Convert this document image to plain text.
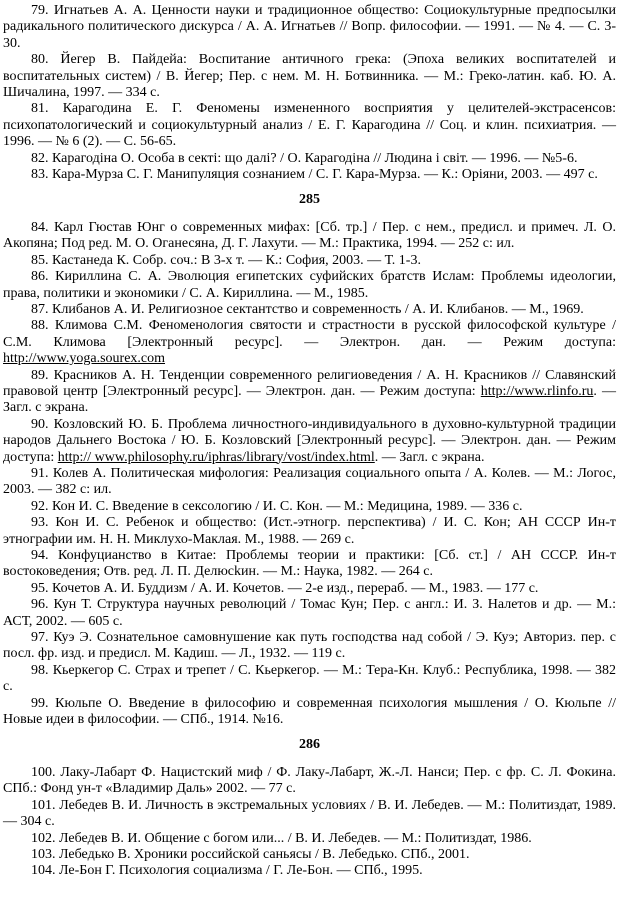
79. Игнатьев А. А. Ценности науки и традиционное общество: Социокультурные предпосылки радикального политического дискурса / А. А. Игнатьев // Вопр. философии. — 1991. — № 4. — С. 3-30.

80. Йегер В. Пайдейа: Воспитание античного грека: (Эпоха великих воспитателей и воспитательных систем) / В. Йегер; Пер. с нем. М. Н. Ботвинника. — М.: Греко-латин. каб. Ю. А. Шичалина, 1997. — 334 с.

81. Карагодина Е. Г. Феномены измененного восприятия у целителей-экстрасенсов: психопатологический и социокультурный анализ / Е. Г. Карагодина // Соц. и клин. психиатрия. — 1996. — № 6 (2). — С. 56-65.

82. Карагодіна О. Особа в секті: що далі? / О. Карагодіна // Людина і світ. — 1996. — №5-6.

83. Кара-Мурза С. Г. Манипуляция сознанием / С. Г. Кара-Мурза. — К.: Оріяни, 2003. — 497 с.

285

84. Карл Гюстав Юнг о современных мифах: [Сб. тр.] / Пер. с нем., предисл. и примеч. Л. О. Акопяна; Под ред. М. О. Оганесяна, Д. Г. Лахути. — М.: Практика, 1994. — 252 с: ил.

85. Кастанеда К. Собр. соч.: В 3-х т. — К.: София, 2003. — Т. 1-3.

86. Кириллина С. А. Эволюция египетских суфийских братств Ислам: Проблемы идеологии, права, политики и экономики / С. А. Кириллина. — М., 1985.

87. Клибанов А. И. Религиозное сектантство и современность / А. И. Клибанов. — М., 1969.

88. Климова С.М. Феноменология святости и страстности в русской философской культуре / С.М. Климова [Электронный ресурс]. — Электрон. дан. — Режим доступа: http://www.yoga.sourex.com

89. Красников А. Н. Тенденции современного религиоведения / А. Н. Красников // Славянский правовой центр [Электронный ресурс]. — Электрон. дан. — Режим доступа: http://www.rlinfo.ru. — Загл. с экрана.

90. Козловский Ю. Б. Проблема личностного-индивидуального в духовно-культурной традиции народов Дальнего Востока / Ю. Б. Козловский [Электронный ресурс]. — Электрон. дан. — Режим доступа: http:// www.philosophy.ru/iphras/library/vost/index.html. — Загл. с экрана.

91. Колев А. Политическая мифология: Реализация социального опыта / А. Колев. — М.: Логос, 2003. — 382 с: ил.

92. Кон И. С. Введение в сексологию / И. С. Кон. — М.: Медицина, 1989. — 336 с.

93. Кон И. С. Ребенок и общество: (Ист.-этногр. перспектива) / И. С. Кон; АН СССР Ин-т этнографии им. Н. Н. Миклухо-Маклая. М., 1988. — 269 с.

94. Конфуцианство в Китае: Проблемы теории и практики: [Сб. ст.] / АН СССР. Ин-т востоковедения; Отв. ред. Л. П. Делюсkин. — М.: Наука, 1982. — 264 с.

95. Кочетов А. И. Буддизм / А. И. Кочетов. — 2-е изд., перераб. — М., 1983. — 177 с.

96. Кун Т. Структура научных революций / Томас Кун; Пер. с англ.: И. З. Налетов и др. — М.: АСТ, 2002. — 605 с.

97. Куэ Э. Сознательное самовнушение как путь господства над собой / Э. Куэ; Авториз. пер. с посл. фр. изд. и предисл. М. Кадиш. — Л., 1932. — 119 с.

98. Кьеркегор С. Страх и трепет / С. Кьеркегор. — М.: Тера-Кн. Клуб.: Республика, 1998. — 382 с.

99. Кюльпе О. Введение в философию и современная психология мышления / О. Кюльпе // Новые идеи в философии. — СПб., 1914. №16.

286

100. Лаку-Лабарт Ф. Нацистский миф / Ф. Лаку-Лабарт, Ж.-Л. Нанси; Пер. с фр. С. Л. Фокина. СПб.: Фонд ун-т «Владимир Даль» 2002. — 77 с.

101. Лебедев В. И. Личность в экстремальных условиях / В. И. Лебедев. — М.: Политиздат, 1989. — 304 с.

102. Лебедев В. И. Общение с богом или... / В. И. Лебедев. — М.: Политиздат, 1986.

103. Лебедько В. Хроники российской саньясы / В. Лебедько. СПб., 2001.

104. Ле-Бон Г. Психология социализма / Г. Ле-Бон. — СПб., 1995.
